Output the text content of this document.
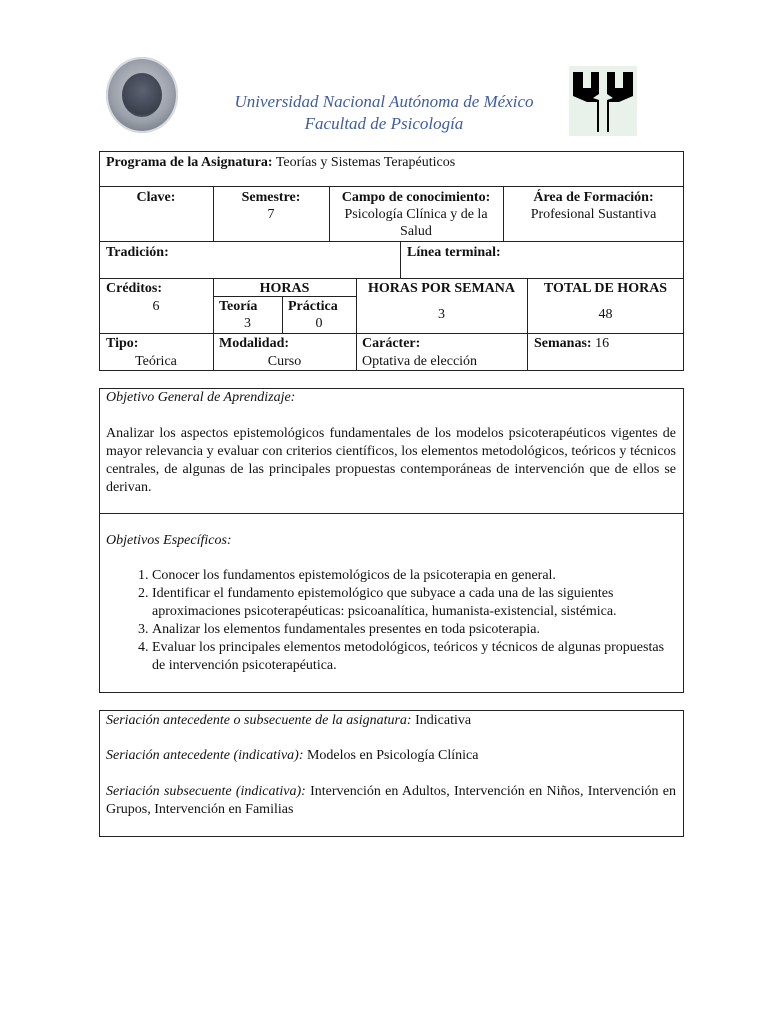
Universidad Nacional Autónoma de México
Facultad de Psicología
Programa de la Asignatura: Teorías y Sistemas Terapéuticos
Clave:	Semestre:
7
Campo de conocimiento:
Psicología Clínica y de la
Salud
Área de Formación:
Profesional Sustantiva
Tradición:	Línea terminal:
Créditos:
6
HORAS
Teoría
3
Práctica
0
HORAS POR SEMANA
3
TOTAL DE HORAS
48
Tipo:
Teórica
Modalidad:
Curso
Carácter:
Optativa de elección
Semanas: 16
Objetivo General de Aprendizaje:
Analizar los aspectos epistemológicos fundamentales de los modelos psicoterapéuticos vigentes de mayor relevancia y evaluar con criterios científicos, los elementos metodológicos, teóricos y técnicos centrales, de algunas de las principales propuestas contemporáneas de intervención que de ellos se derivan.
Objetivos Específicos:
1. Conocer los fundamentos epistemológicos de la psicoterapia en general.
2. Identificar el fundamento epistemológico que subyace a cada una de las siguientes aproximaciones psicoterapéuticas: psicoanalítica, humanista-existencial, sistémica.
3. Analizar los elementos fundamentales presentes en toda psicoterapia.
4. Evaluar los principales elementos metodológicos, teóricos y técnicos de algunas propuestas de intervención psicoterapéutica.
Seriación antecedente o subsecuente de la asignatura: Indicativa
Seriación antecedente (indicativa): Modelos en Psicología Clínica
Seriación subsecuente (indicativa): Intervención en Adultos, Intervención en Niños, Intervención en Grupos, Intervención en Familias
